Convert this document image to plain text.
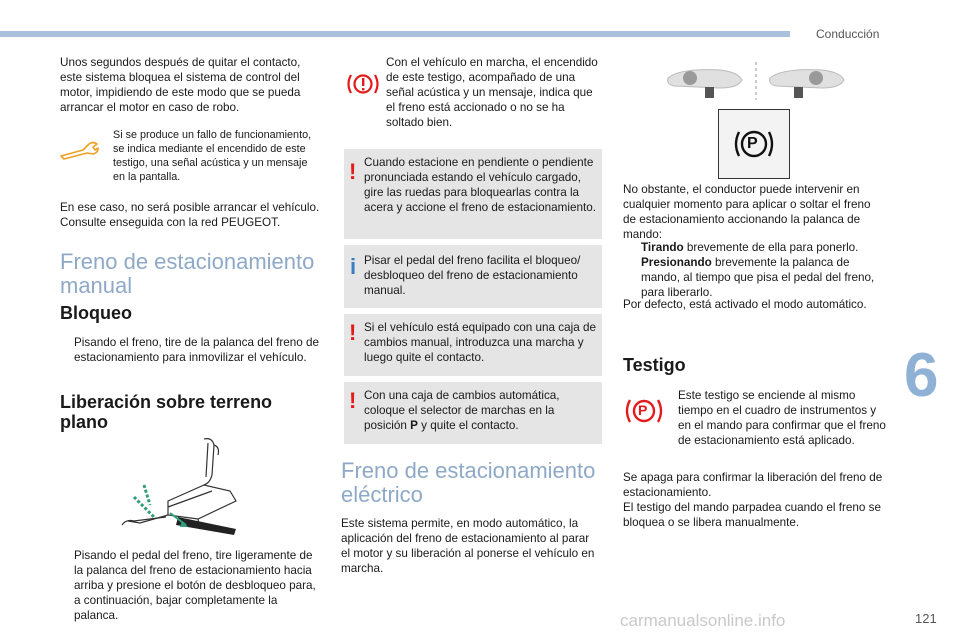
Conducción
6
121
carmanualsonline.info

Unos segundos después de quitar el contacto, este sistema bloquea el sistema de control del motor, impidiendo de este modo que se pueda arrancar el motor en caso de robo.

Si se produce un fallo de funcionamiento, se indica mediante el encendido de este testigo, una señal acústica y un mensaje en la pantalla.

En ese caso, no será posible arrancar el vehículo. Consulte enseguida con la red PEUGEOT.

Freno de estacionamiento

manual

Bloqueo

Pisando el freno, tire de la palanca del freno de estacionamiento para inmovilizar el vehículo.

Liberación sobre terreno

plano

Pisando el pedal del freno, tire ligeramente de la palanca del freno de estacionamiento hacia arriba y presione el botón de desbloqueo para, a continuación, bajar completamente la palanca.

Con el vehículo en marcha, el encendido de este testigo, acompañado de una señal acústica y un mensaje, indica que el freno está accionado o no se ha soltado bien.

! Cuando estacione en pendiente o pendiente pronunciada estando el vehículo cargado, gire las ruedas para bloquearlas contra la acera y accione el freno de estacionamiento.

i Pisar el pedal del freno facilita el bloqueo/ desbloqueo del freno de estacionamiento manual.

! Si el vehículo está equipado con una caja de cambios manual, introduzca una marcha y luego quite el contacto.

! Con una caja de cambios automática, coloque el selector de marchas en la posición P y quite el contacto.

Freno de estacionamiento

eléctrico

Este sistema permite, en modo automático, la aplicación del freno de estacionamiento al parar el motor y su liberación al ponerse el vehículo en marcha.

P

No obstante, el conductor puede intervenir en cualquier momento para aplicar o soltar el freno de estacionamiento accionando la palanca de mando:

Tirando brevemente de ella para ponerlo.

Presionando brevemente la palanca de mando, al tiempo que pisa el pedal del freno, para liberarlo.

Por defecto, está activado el modo automático.

Testigo

P

Este testigo se enciende al mismo tiempo en el cuadro de instrumentos y en el mando para confirmar que el freno de estacionamiento está aplicado.

Se apaga para confirmar la liberación del freno de estacionamiento.

El testigo del mando parpadea cuando el freno se bloquea o se libera manualmente.
